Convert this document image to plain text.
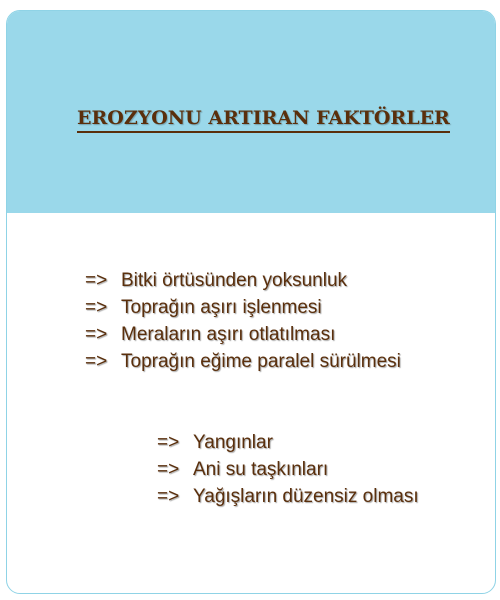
EROZYONU ARTIRAN FAKTÖRLER
=> Bitki örtüsünden yoksunluk
=> Toprağın aşırı işlenmesi
=> Meraların aşırı otlatılması
=> Toprağın eğime paralel sürülmesi
=> Yangınlar
=> Ani su taşkınları
=> Yağışların düzensiz olması
